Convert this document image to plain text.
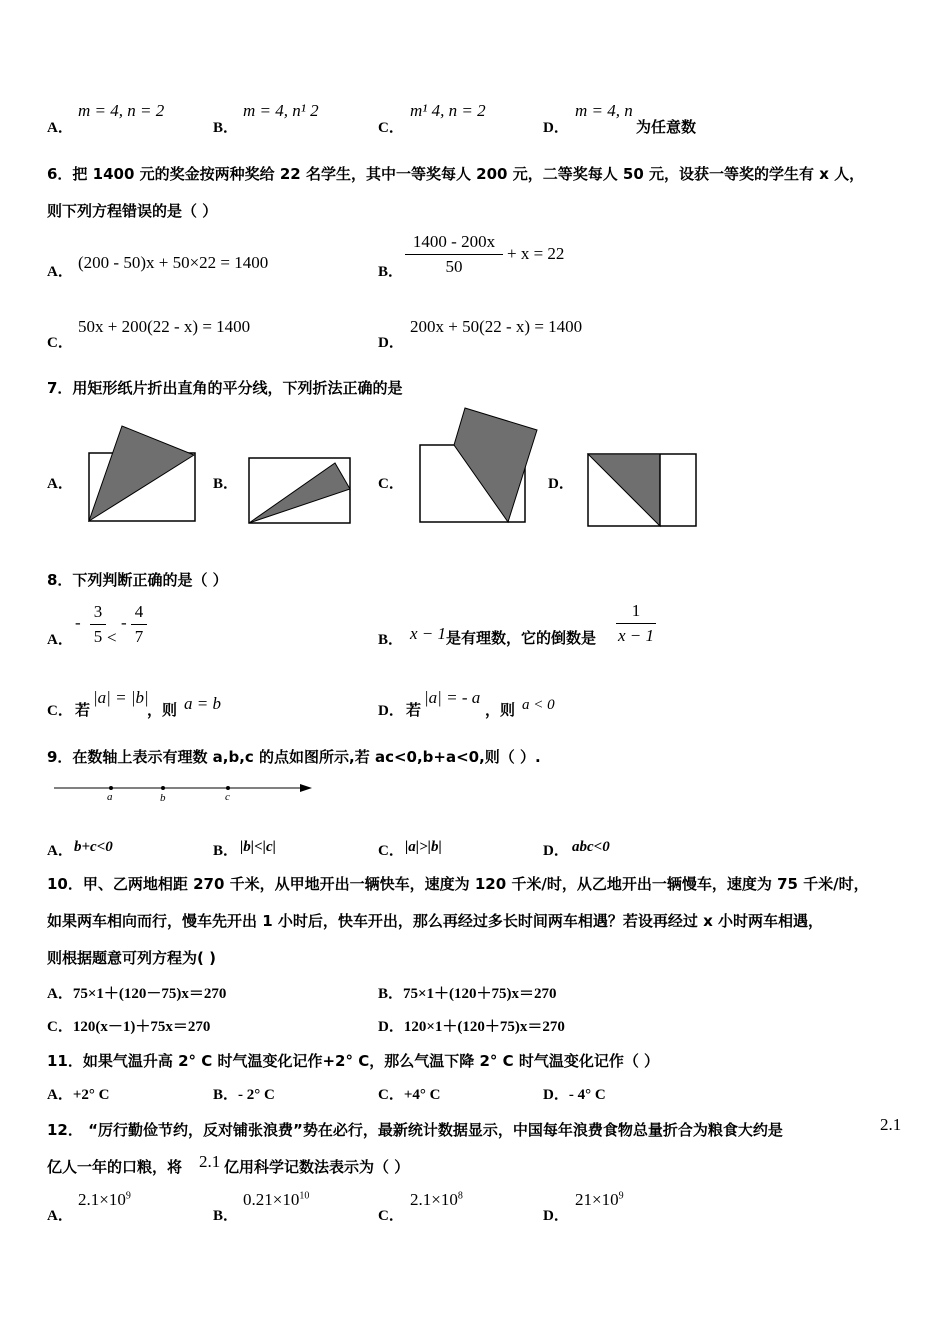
A．
m = 4, n = 2
B．
m = 4, n¹ 2
C．
m¹ 4, n = 2
D．
m = 4, n
为任意数
6．把 1400 元的奖金按两种奖给 22 名学生，其中一等奖每人 200 元，二等奖每人 50 元，设获一等奖的学生有 x 人，
则下列方程错误的是（ ）
A． (200 - 50)x + 50×22 = 1400	B．
1400 - 200x
50
+ x = 22
C．
50x + 200(22 - x) = 1400
D．
200x + 50(22 - x) = 1400
7．用矩形纸片折出直角的平分线，下列折法正确的是
A．	B．	C．	D．
8．下列判断正确的是（ ）
A．
-
3
5 <
-
4
7	B． x − 1 是有理数，它的倒数是
1
x − 1
C． 若
|a| = |b|
，则 a = b	D． 若
|a| = - a
，则 a < 0
9．在数轴上表示有理数 a,b,c 的点如图所示,若 ac<0,b+a<0,则（ ）.
a	b	c
A． b+c<0	B． |b|<|c|	C． |a|>|b|	D． abc<0
10．甲、乙两地相距 270 千米，从甲地开出一辆快车，速度为 120 千米/时，从乙地开出一辆慢车，速度为 75 千米/时，
如果两车相向而行，慢车先开出 1 小时后，快车开出，那么再经过多长时间两车相遇？若设再经过 x 小时两车相遇，
则根据题意可列方程为( )
A．75×1＋(120－75)x＝270	B．75×1＋(120＋75)x＝270
C．120(x－1)＋75x＝270	D．120×1＋(120＋75)x＝270
11．如果气温升高 2° C 时气温变化记作+2° C，那么气温下降 2° C 时气温变化记作（ ）
A．+2° C	B．- 2° C	C．+4° C	D．- 4° C
12． “厉行勤俭节约，反对铺张浪费”势在必行，最新统计数据显示，中国每年浪费食物总量折合为粮食大约是	2.1
亿人一年的口粮，将 2.1 亿用科学记数法表示为（ ）
A．
$2.1\times 10^9$
B．
$0.21\times 10^{10}$
C．
$2.1\times 10^8$
D．
$21\times 10^9$
